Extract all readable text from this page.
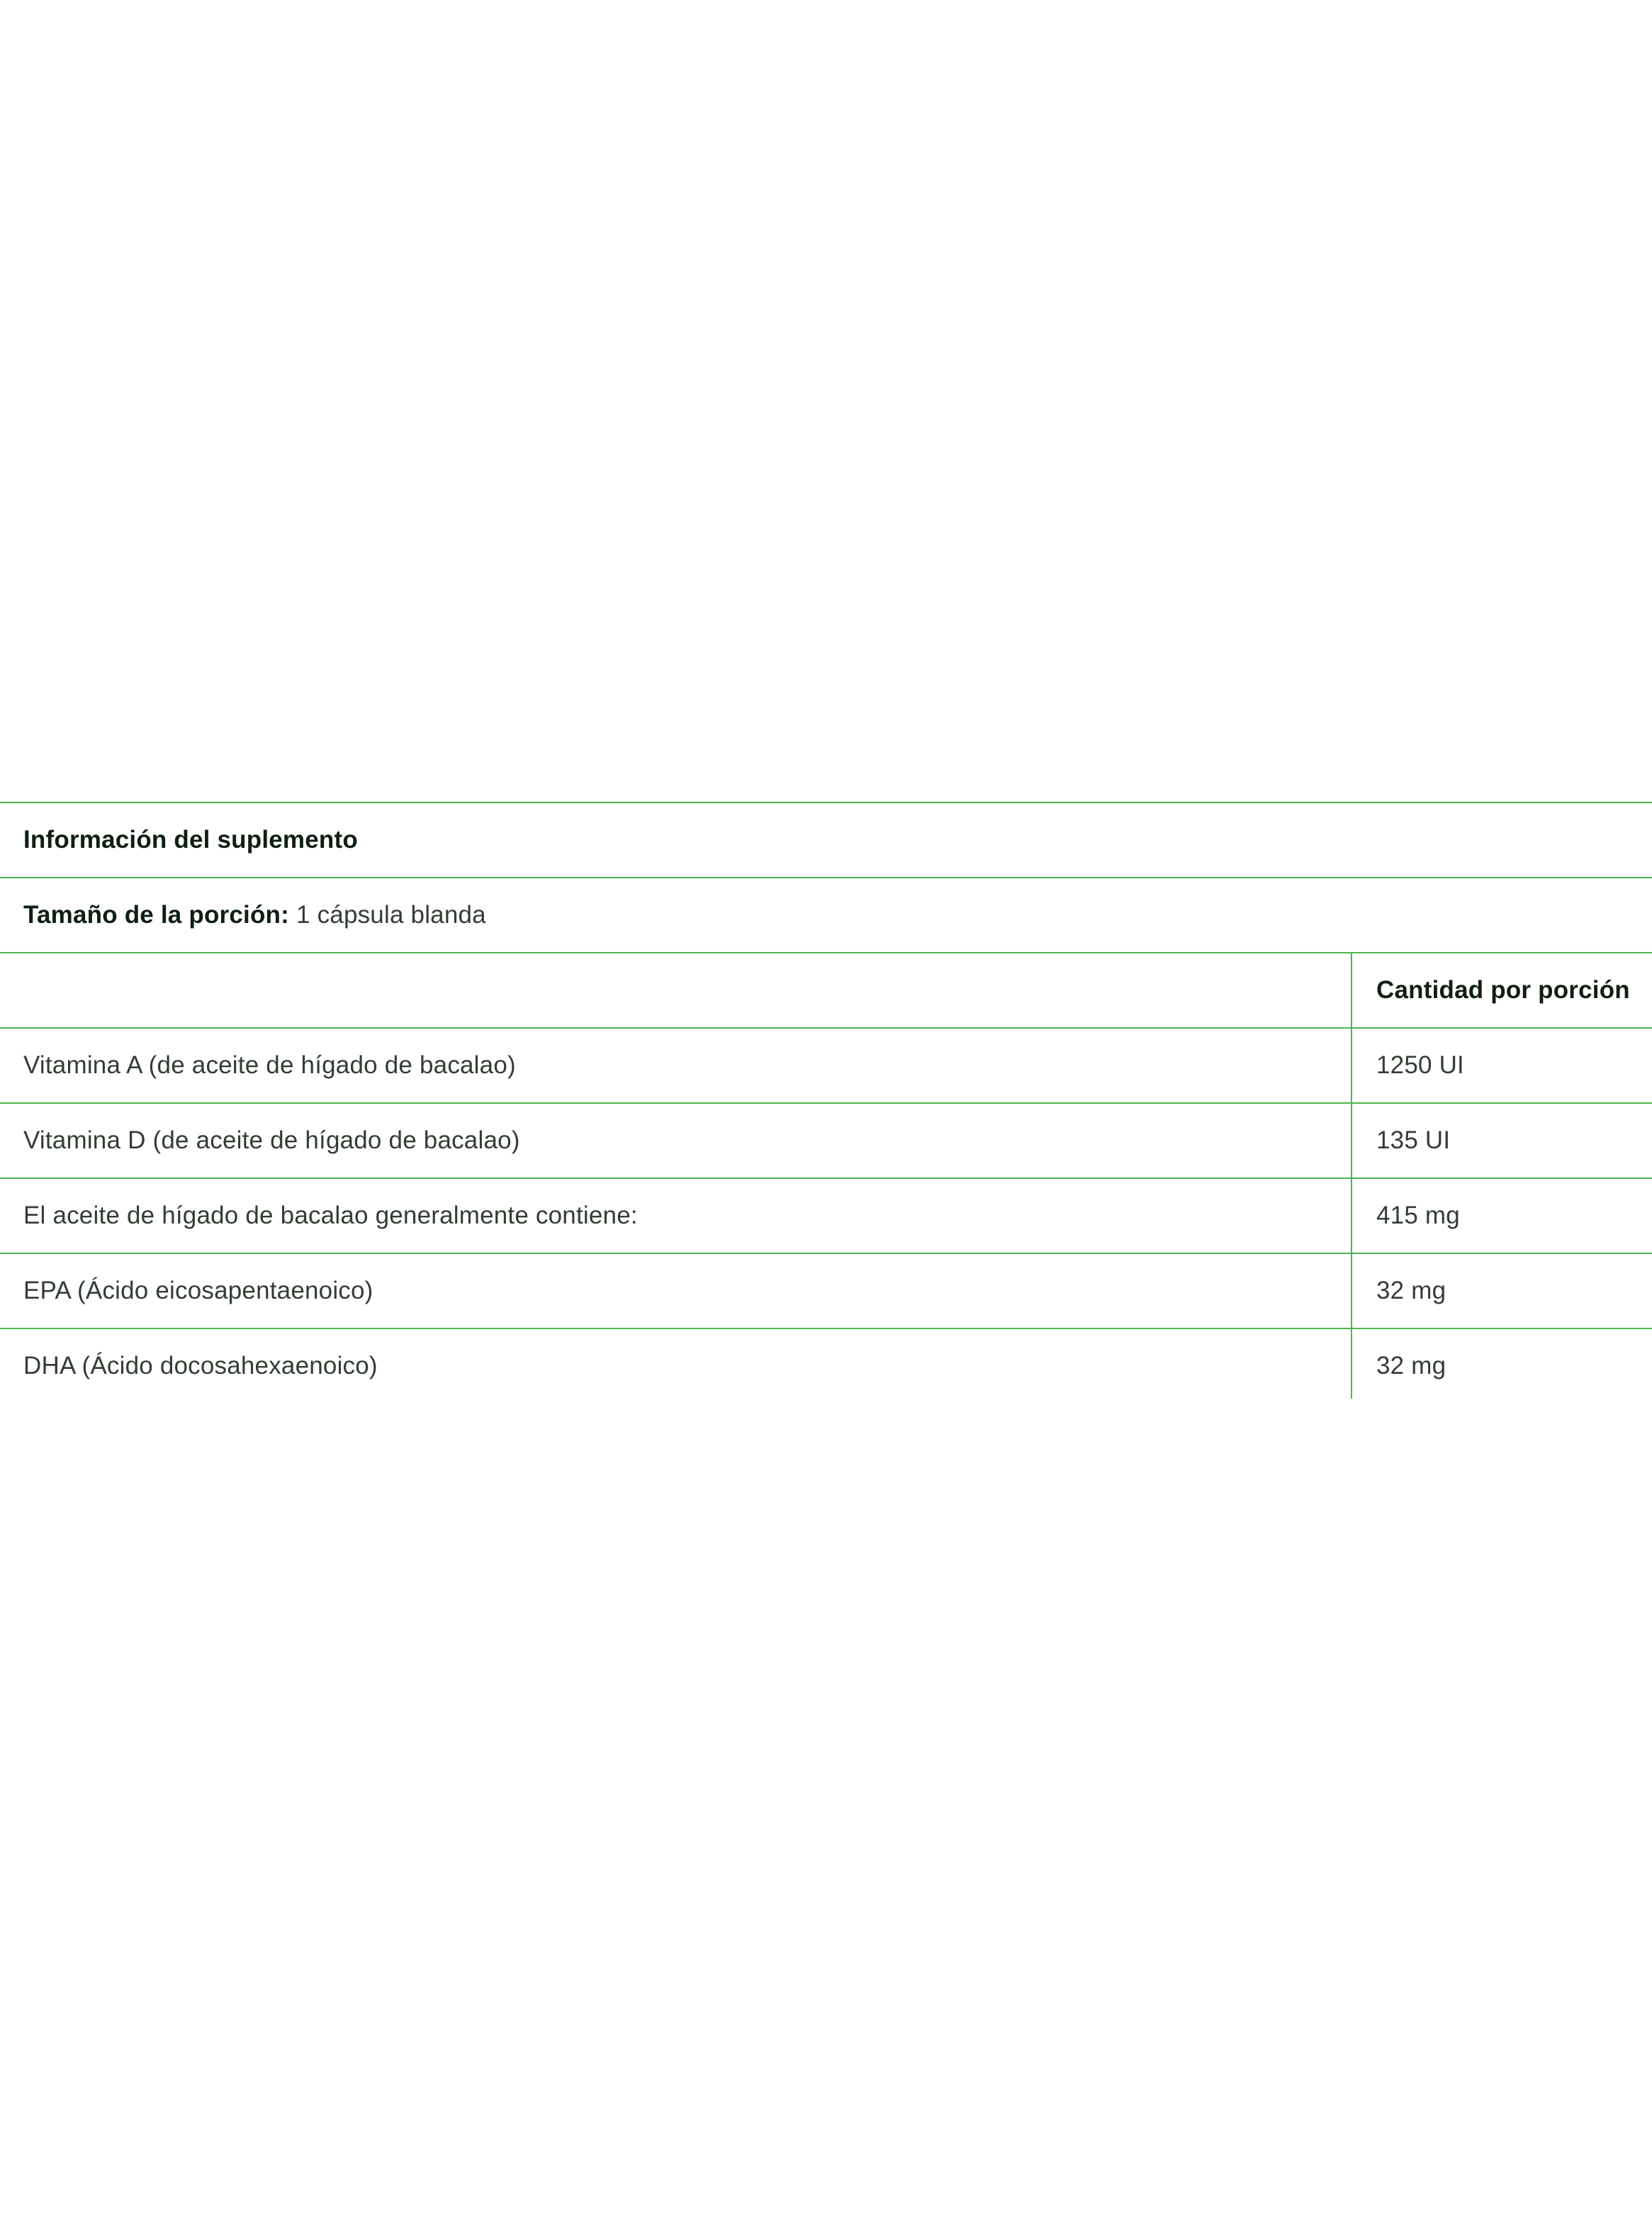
Información del suplemento
Tamaño de la porción: 1 cápsula blanda
Cantidad por porción
Vitamina A (de aceite de hígado de bacalao)	1250 UI
Vitamina D (de aceite de hígado de bacalao)	135 UI
El aceite de hígado de bacalao generalmente contiene:	415 mg
EPA (Ácido eicosapentaenoico)	32 mg
DHA (Ácido docosahexaenoico)	32 mg
